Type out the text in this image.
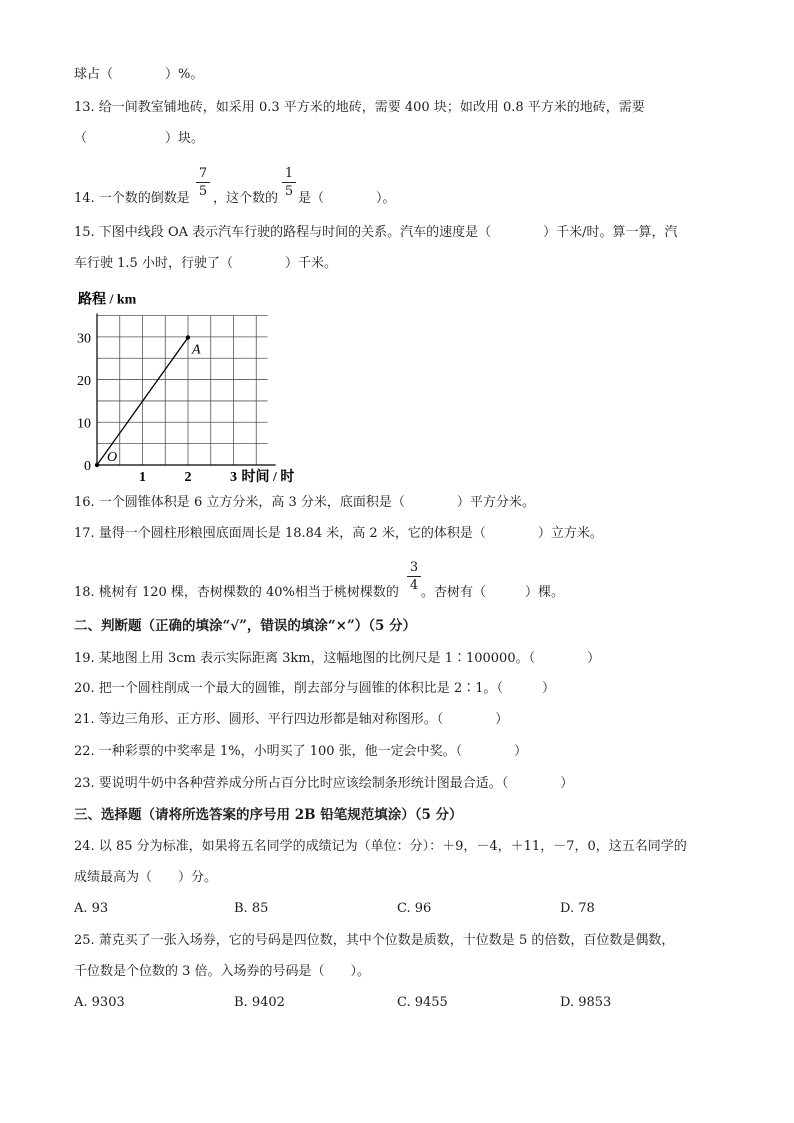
球占（　　　　）%。
13. 给一间教室铺地砖，如采用 0.3 平方米的地砖，需要 400 块；如改用 0.8 平方米的地砖，需要
（　　　　　　）块。
14. 一个数的倒数是
7
5 ，这个数的
1
5 是（　　　　）。
15. 下图中线段 OA 表示汽车行驶的路程与时间的关系。汽车的速度是（　　　　）千米/时。算一算，汽
车行驶 1.5 小时，行驶了（　　　　）千米。
0
10
20
30
1	2	3 时间 / 时
路程 / km
O
A
16. 一个圆锥体积是 6 立方分米，高 3 分米，底面积是（　　　　）平方分米。
17. 量得一个圆柱形粮囤底面周长是 18.84 米，高 2 米，它的体积是（　　　　）立方米。
18. 桃树有 120 棵，杏树棵数的 40%相当于桃树棵数的
3
4 。杏树有（　　　）棵。
二、判断题（正确的填涂“√”，错误的填涂“×”）（5 分）
19. 某地图上用 3cm 表示实际距离 3km，这幅地图的比例尺是 1∶100000。（　　　　）
20. 把一个圆柱削成一个最大的圆锥，削去部分与圆锥的体积比是 2∶1。（　　　）
21. 等边三角形、正方形、圆形、平行四边形都是轴对称图形。（　　　　）
22. 一种彩票的中奖率是 1%，小明买了 100 张，他一定会中奖。（　　　　）
23. 要说明牛奶中各种营养成分所占百分比时应该绘制条形统计图最合适。（　　　　）
三、选择题（请将所选答案的序号用 2B 铅笔规范填涂）（5 分）
24. 以 85 分为标准，如果将五名同学的成绩记为（单位：分）：＋9，－4，＋11，－7，0，这五名同学的
成绩最高为（　　）分。
A. 93	B. 85	C. 96	D. 78
25. 萧克买了一张入场券，它的号码是四位数，其中个位数是质数，十位数是 5 的倍数，百位数是偶数，
千位数是个位数的 3 倍。入场券的号码是（　　）。
A. 9303	B. 9402	C. 9455	D. 9853
